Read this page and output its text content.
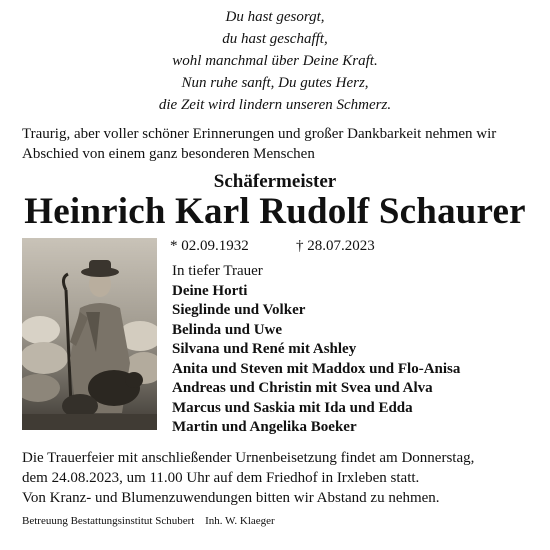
Du hast gesorgt,
du hast geschafft,
wohl manchmal über Deine Kraft.
Nun ruhe sanft, Du gutes Herz,
die Zeit wird lindern unseren Schmerz.
Traurig, aber voller schöner Erinnerungen und großer Dankbarkeit nehmen wir Abschied von einem ganz besonderen Menschen
Schäfermeister
Heinrich Karl Rudolf Schaurer
* 02.09.1932	† 28.07.2023
In tiefer Trauer
Deine Horti
Sieglinde und Volker
Belinda und Uwe
Silvana und René mit Ashley
Anita und Steven mit Maddox und Flo-Anisa
Andreas und Christin mit Svea und Alva
Marcus und Saskia mit Ida und Edda
Martin und Angelika Boeker
Die Trauerfeier mit anschließender Urnenbeisetzung findet am Donnerstag,
dem 24.08.2023, um 11.00 Uhr auf dem Friedhof in Irxleben statt.
Von Kranz- und Blumenzuwendungen bitten wir Abstand zu nehmen.
Betreuung Bestattungsinstitut Schubert Inh. W. Klaeger
